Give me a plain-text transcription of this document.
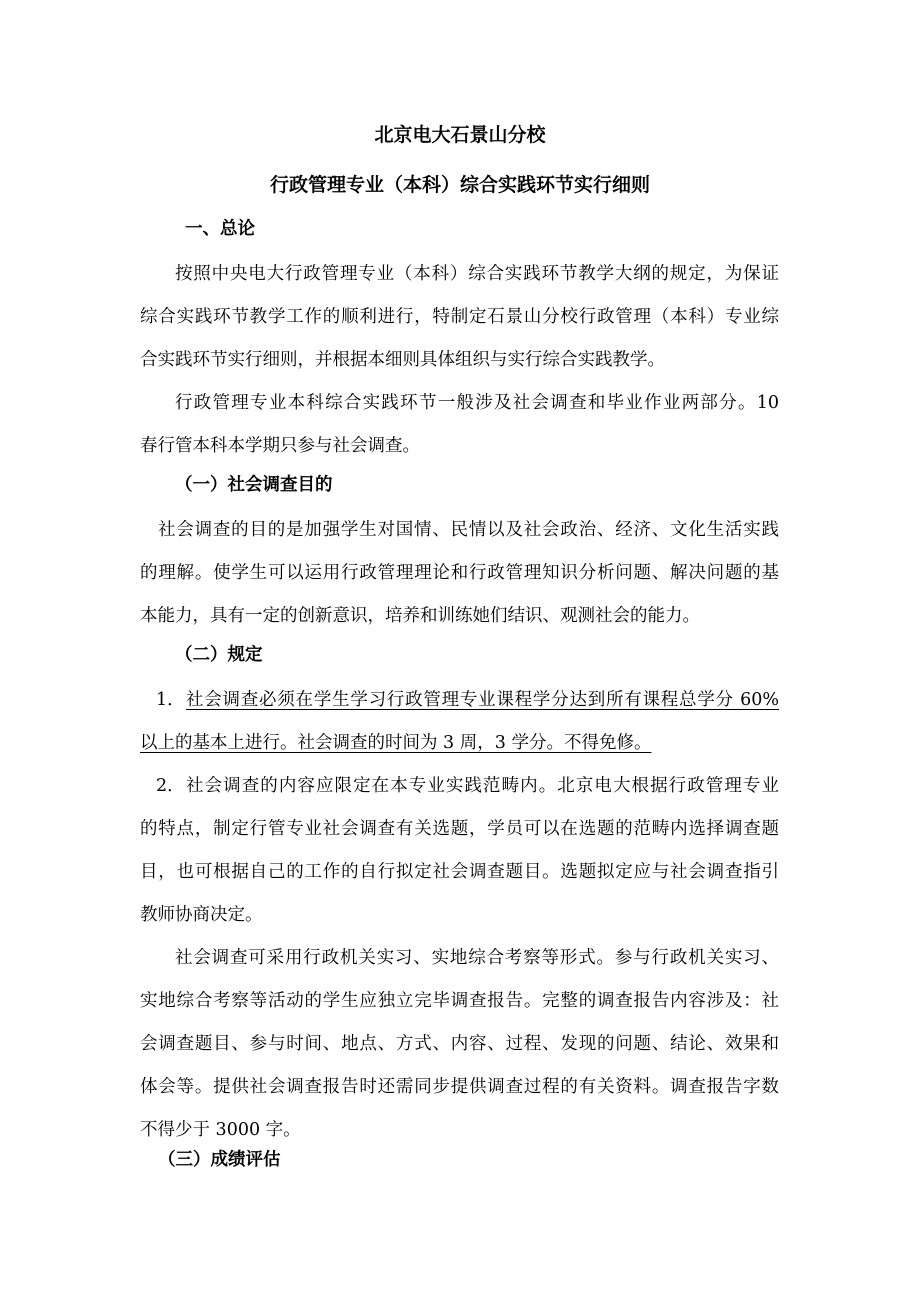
北京电大石景山分校
行政管理专业（本科）综合实践环节实行细则
一、总论
按照中央电大行政管理专业（本科）综合实践环节教学大纲的规定，为保证
综合实践环节教学工作的顺利进行，特制定石景山分校行政管理（本科）专业综
合实践环节实行细则，并根据本细则具体组织与实行综合实践教学。
行政管理专业本科综合实践环节一般涉及社会调查和毕业作业两部分。10
春行管本科本学期只参与社会调查。
（一）社会调查目的
社会调查的目的是加强学生对国情、民情以及社会政治、经济、文化生活实践
的理解。使学生可以运用行政管理理论和行政管理知识分析问题、解决问题的基
本能力，具有一定的创新意识，培养和训练她们结识、观测社会的能力。
（二）规定
1． 社会调查必须在学生学习行政管理专业课程学分达到所有课程总学分 60%
以上的基本上进行。社会调查的时间为 3 周，3 学分。不得免修。
2． 社会调查的内容应限定在本专业实践范畴内。北京电大根据行政管理专业
的特点，制定行管专业社会调查有关选题，学员可以在选题的范畴内选择调查题
目，也可根据自己的工作的自行拟定社会调查题目。选题拟定应与社会调查指引
教师协商决定。
社会调查可采用行政机关实习、实地综合考察等形式。参与行政机关实习、
实地综合考察等活动的学生应独立完毕调查报告。完整的调查报告内容涉及：社
会调查题目、参与时间、地点、方式、内容、过程、发现的问题、结论、效果和
体会等。提供社会调查报告时还需同步提供调查过程的有关资料。调查报告字数
不得少于 3000 字。
（三）成绩评估
